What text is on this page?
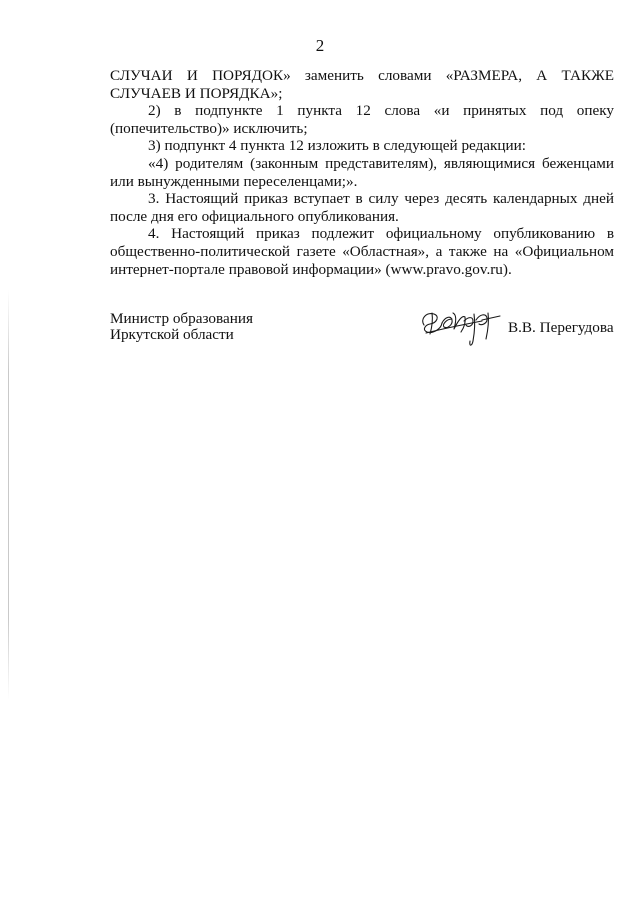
2
СЛУЧАИ И ПОРЯДОК» заменить словами «РАЗМЕРА, А ТАКЖЕ
СЛУЧАЕВ И ПОРЯДКА»;
2) в подпункте 1 пункта 12 слова «и принятых под опеку
(попечительство)» исключить;
3) подпункт 4 пункта 12 изложить в следующей редакции:
«4) родителям (законным представителям), являющимися беженцами
или вынужденными переселенцами;».
3. Настоящий приказ вступает в силу через десять календарных дней
после дня его официального опубликования.
4. Настоящий приказ подлежит официальному опубликованию в
общественно-политической газете «Областная», а также на «Официальном
интернет-портале правовой информации» (www.pravo.gov.ru).
Министр образования
Иркутской области	В.В. Перегудова
